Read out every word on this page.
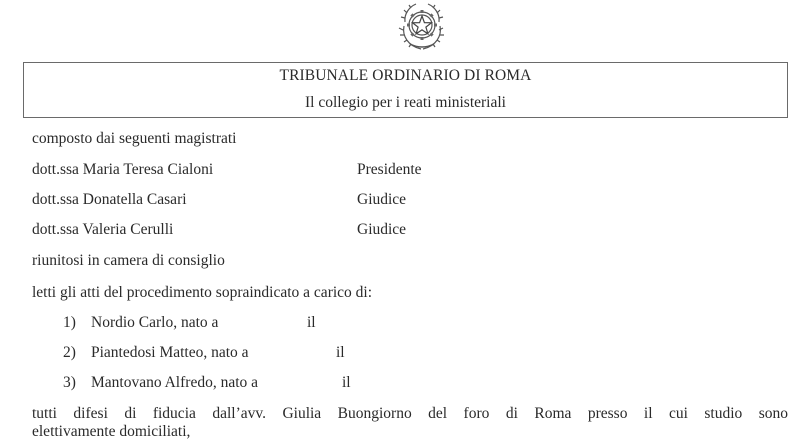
TRIBUNALE ORDINARIO DI ROMA
Il collegio per i reati ministeriali
composto dai seguenti magistrati
dott.ssa Maria Teresa Cialoni	Presidente
dott.ssa Donatella Casari	Giudice
dott.ssa Valeria Cerulli	Giudice
riunitosi in camera di consiglio
letti gli atti del procedimento sopraindicato a carico di:
1) Nordio Carlo, nato a	il
2) Piantedosi Matteo, nato a	il
3) Mantovano Alfredo, nato a	il
tutti difesi di fiducia dall’avv. Giulia Buongiorno del foro di Roma presso il cui studio sono
elettivamente domiciliati,
